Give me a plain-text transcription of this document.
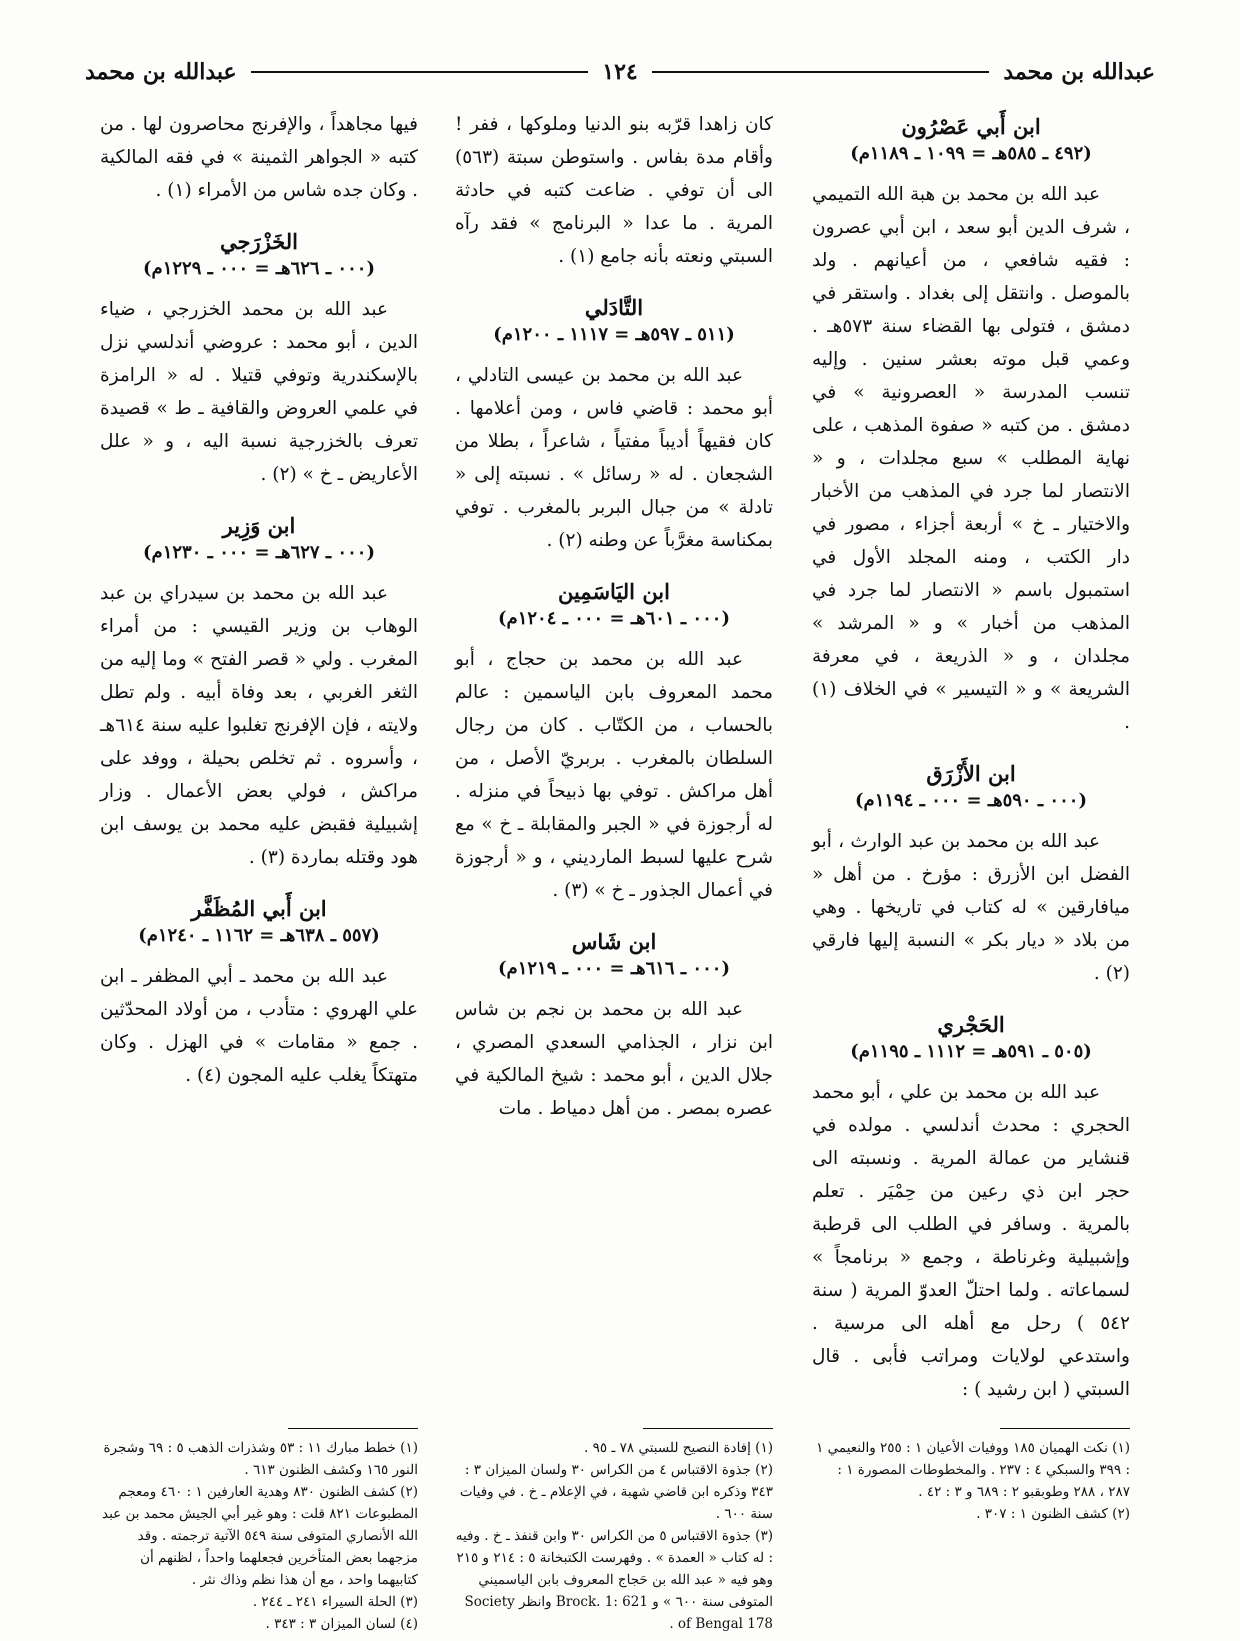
عبدالله بن محمد
١٢٤
عبدالله بن محمد
ابن أَبي عَصْرُون
(٤٩٢ ـ ٥٨٥هـ = ١٠٩٩ ـ ١١٨٩م)
عبد الله بن محمد بن هبة الله التميمي ، شرف الدين أبو سعد ، ابن أبي عصرون : فقيه شافعي ، من أعيانهم . ولد بالموصل . وانتقل إلى بغداد . واستقر في دمشق ، فتولى بها القضاء سنة ٥٧٣هـ . وعمي قبل موته بعشر سنين . وإليه تنسب المدرسة « العصرونية » في دمشق . من كتبه « صفوة المذهب ، على نهاية المطلب » سبع مجلدات ، و « الانتصار لما جرد في المذهب من الأخبار والاختيار ـ خ » أربعة أجزاء ، مصور في دار الكتب ، ومنه المجلد الأول في استمبول باسم « الانتصار لما جرد في المذهب من أخبار » و « المرشد » مجلدان ، و « الذريعة ، في معرفة الشريعة » و « التيسير » في الخلاف (١) .
ابن الأَزْرَق
(٠٠٠ ـ ٥٩٠هـ = ٠٠٠ ـ ١١٩٤م)
عبد الله بن محمد بن عبد الوارث ، أبو الفضل ابن الأزرق : مؤرخ . من أهل « ميافارقين » له كتاب في تاريخها . وهي من بلاد « ديار بكر » النسبة إليها فارقي (٢) .
الحَجْري
(٥٠٥ ـ ٥٩١هـ = ١١١٢ ـ ١١٩٥م)
عبد الله بن محمد بن علي ، أبو محمد الحجري : محدث أندلسي . مولده في قنشاير من عمالة المرية . ونسبته الى حجر ابن ذي رعين من حِمْيَر . تعلم بالمرية . وسافر في الطلب الى قرطبة وإشبيلية وغرناطة ، وجمع « برنامجاً » لسماعاته . ولما احتلّ العدوّ المرية ( سنة ٥٤٢ ) رحل مع أهله الى مرسية . واستدعي لولايات ومراتب فأبى . قال السبتي ( ابن رشيد ) :
كان زاهدا قرّبه بنو الدنيا وملوكها ، ففر ! وأقام مدة بفاس . واستوطن سبتة (٥٦٣) الى أن توفي . ضاعت كتبه في حادثة المرية . ما عدا « البرنامج » فقد رآه السبتي ونعته بأنه جامع (١) .
التَّادَلي
(٥١١ ـ ٥٩٧هـ = ١١١٧ ـ ١٢٠٠م)
عبد الله بن محمد بن عيسى التادلي ، أبو محمد : قاضي فاس ، ومن أعلامها . كان فقيهاً أديباً مفتياً ، شاعراً ، بطلا من الشجعان . له « رسائل » . نسبته إلى « تادلة » من جبال البربر بالمغرب . توفي بمكناسة مغرَّباً عن وطنه (٢) .
ابن اليَاسَمِين
(٠٠٠ ـ ٦٠١هـ = ٠٠٠ ـ ١٢٠٤م)
عبد الله بن محمد بن حجاج ، أبو محمد المعروف بابن الياسمين : عالم بالحساب ، من الكتّاب . كان من رجال السلطان بالمغرب . بربريّ الأصل ، من أهل مراكش . توفي بها ذبيحاً في منزله . له أرجوزة في « الجبر والمقابلة ـ خ » مع شرح عليها لسبط المارديني ، و « أرجوزة في أعمال الجذور ـ خ » (٣) .
ابن شَاس
(٠٠٠ ـ ٦١٦هـ = ٠٠٠ ـ ١٢١٩م)
عبد الله بن محمد بن نجم بن شاس ابن نزار ، الجذامي السعدي المصري ، جلال الدين ، أبو محمد : شيخ المالكية في عصره بمصر . من أهل دمياط . مات
فيها مجاهداً ، والإفرنج محاصرون لها . من كتبه « الجواهر الثمينة » في فقه المالكية . وكان جده شاس من الأمراء (١) .
الخَزْرَجي
(٠٠٠ ـ ٦٢٦هـ = ٠٠٠ ـ ١٢٢٩م)
عبد الله بن محمد الخزرجي ، ضياء الدين ، أبو محمد : عروضي أندلسي نزل بالإسكندرية وتوفي قتيلا . له « الرامزة في علمي العروض والقافية ـ ط » قصيدة تعرف بالخزرجية نسبة اليه ، و « علل الأعاريض ـ خ » (٢) .
ابن وَزِير
(٠٠٠ ـ ٦٢٧هـ = ٠٠٠ ـ ١٢٣٠م)
عبد الله بن محمد بن سيدراي بن عبد الوهاب بن وزير القيسي : من أمراء المغرب . ولي « قصر الفتح » وما إليه من الثغر الغربي ، بعد وفاة أبيه . ولم تطل ولايته ، فإن الإفرنج تغلبوا عليه سنة ٦١٤هـ ، وأسروه . ثم تخلص بحيلة ، ووفد على مراكش ، فولي بعض الأعمال . وزار إشبيلية فقبض عليه محمد بن يوسف ابن هود وقتله بماردة (٣) .
ابن أَبي المُظَفَّر
(٥٥٧ ـ ٦٣٨هـ = ١١٦٢ ـ ١٢٤٠م)
عبد الله بن محمد ـ أبي المظفر ـ ابن علي الهروي : متأدب ، من أولاد المحدّثين . جمع « مقامات » في الهزل . وكان متهتكاً يغلب عليه المجون (٤) .

(١) نكت الهميان ١٨٥ ووفيات الأعيان ١ : ٢٥٥ والنعيمي ١ : ٣٩٩ والسبكي ٤ : ٢٣٧ . والمخطوطات المصورة ١ : ٢٨٧ ، ٢٨٨ وطوبقبو ٢ : ٦٨٩ و ٣ : ٤٢ .

(٢) كشف الظنون ١ : ٣٠٧ .

(١) إفادة النصيح للسبتي ٧٨ ـ ٩٥ .

(٢) جذوة الاقتباس ٤ من الكراس ٣٠ ولسان الميزان ٣ : ٣٤٣ وذكره ابن قاضي شهبة ، في الإعلام ـ خ . في وفيات سنة ٦٠٠ .

(٣) جذوة الاقتباس ٥ من الكراس ٣٠ وابن قنفذ ـ خ . وفيه : له كتاب « العمدة » . وفهرست الكتبخانة ٥ : ٢١٤ و ٢١٥ وهو فيه « عبد الله بن حَجاج المعروف بابن الياسميني المتوفى سنة ٦٠٠ » و Brock. 1: 621 وانظر Society of Bengal 178 .

(١) خطط مبارك ١١ : ٥٣ وشذرات الذهب ٥ : ٦٩ وشجرة النور ١٦٥ وكشف الظنون ٦١٣ .

(٢) كشف الظنون ٨٣٠ وهدية العارفين ١ : ٤٦٠ ومعجم المطبوعات ٨٢١ قلت : وهو غير أبي الجيش محمد بن عبد الله الأنصاري المتوفى سنة ٥٤٩ الآتية ترجمته . وقد مزجهما بعض المتأخرين فجعلهما واحداً ، لظنهم أن كتابيهما واحد ، مع أن هذا نظم وذاك نثر .

(٣) الحلة السيراء ٢٤١ ـ ٢٤٤ .

(٤) لسان الميزان ٣ : ٣٤٣ .
